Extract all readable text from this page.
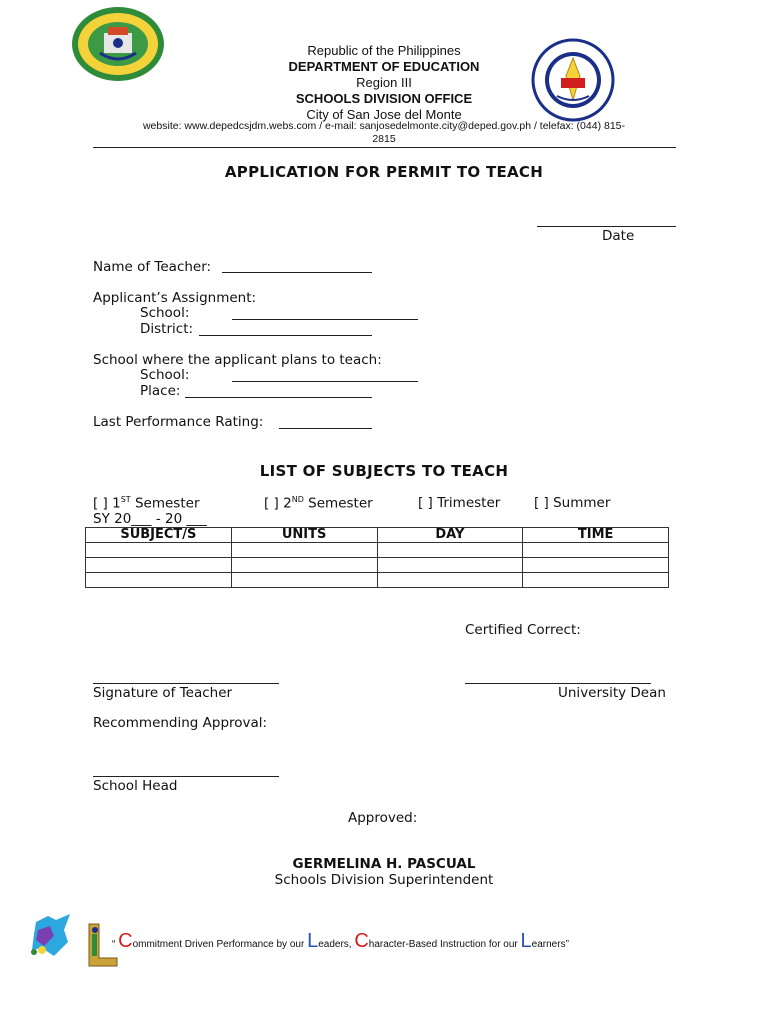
Republic of the Philippines
DEPARTMENT OF EDUCATION
Region III
SCHOOLS DIVISION OFFICE
City of San Jose del Monte
website: www.depedcsjdm.webs.com / e-mail: sanjosedelmonte.city@deped.gov.ph / telefax: (044) 815-
2815
APPLICATION FOR PERMIT TO TEACH
Date
Name of Teacher:
Applicant’s Assignment:
School:
District:
School where the applicant plans to teach:
School:
Place:
Last Performance Rating:
LIST OF SUBJECTS TO TEACH
[ ] 1ST Semester	[ ] 2ND Semester	[ ] Trimester [ ] Summer
SY 20___ - 20 ___
SUBJECT/S	UNITS	DAY	TIME

Certified Correct:
Signature of Teacher	University Dean
Recommending Approval:
School Head
Approved:
GERMELINA H. PASCUAL
Schools Division Superintendent
“ Commitment Driven Performance by our Leaders, Character-Based Instruction for our Learners”
